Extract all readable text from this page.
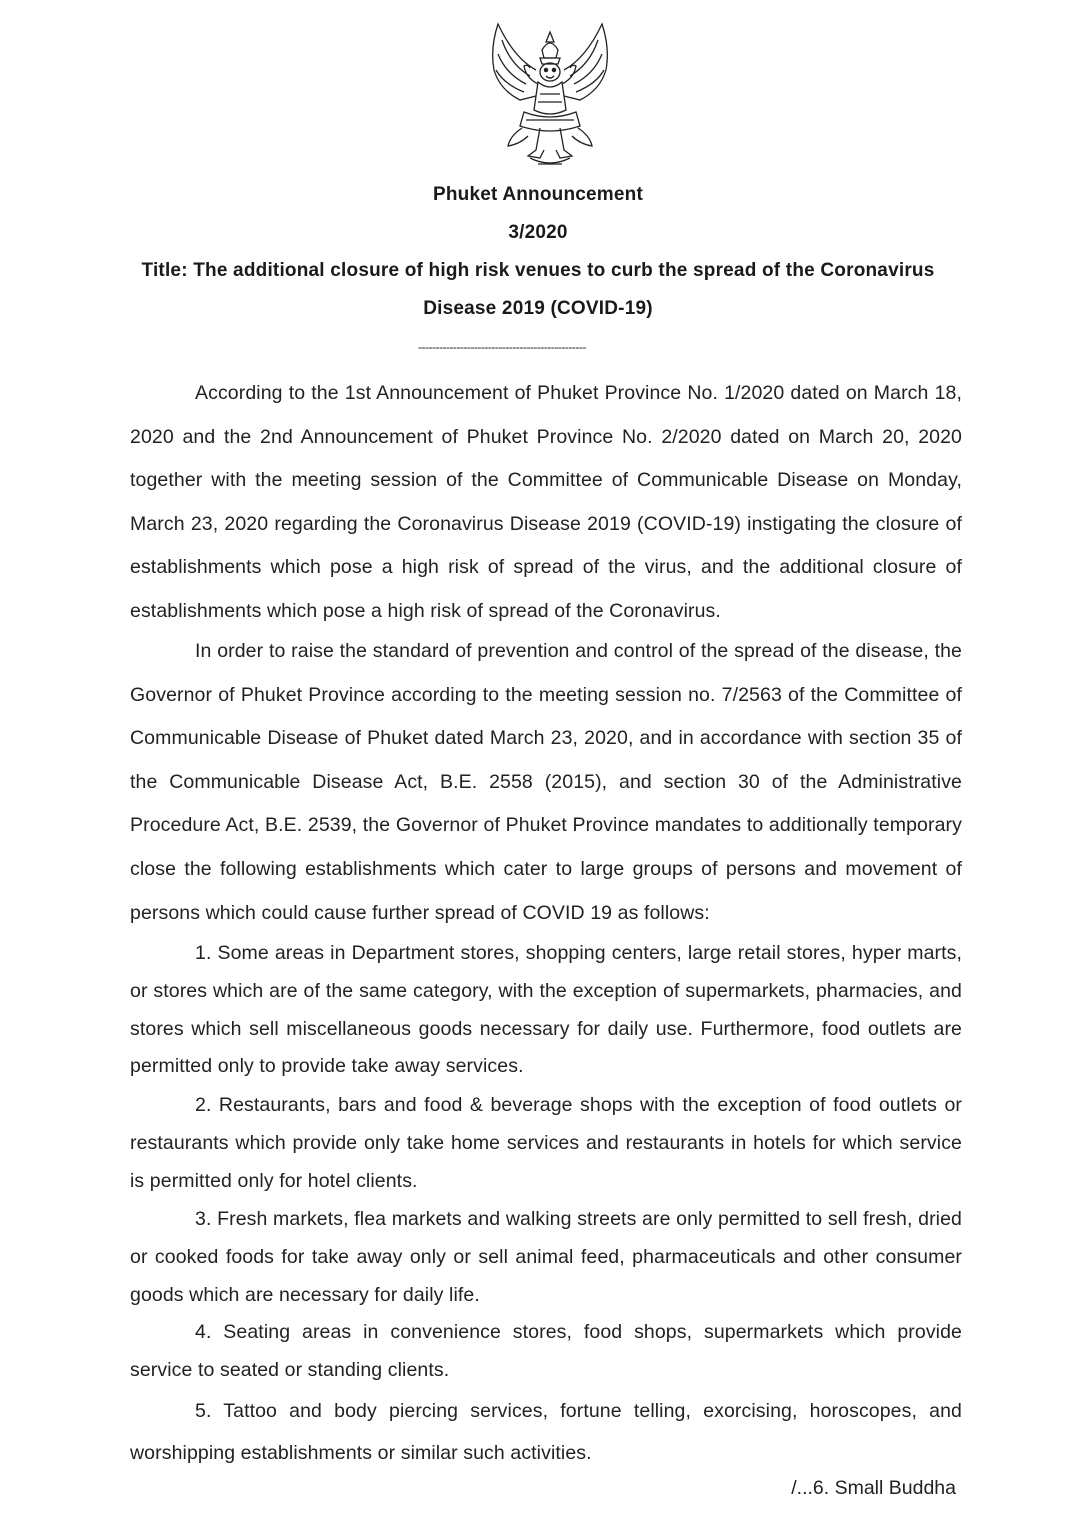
Phuket Announcement
3/2020
Title: The additional closure of high risk venues to curb the spread of the Coronavirus
Disease 2019 (COVID-19)
------------------------------------------------

According to the 1st Announcement of Phuket Province No. 1/2020 dated on March 18, 2020 and the 2nd Announcement of Phuket Province No. 2/2020 dated on March 20, 2020 together with the meeting session of the Committee of Communicable Disease on Monday, March 23, 2020 regarding the Coronavirus Disease 2019 (COVID-19) instigating the closure of establishments which pose a high risk of spread of the virus, and the additional closure of establishments which pose a high risk of spread of the Coronavirus.

In order to raise the standard of prevention and control of the spread of the disease, the Governor of Phuket Province according to the meeting session no. 7/2563 of the Committee of Communicable Disease of Phuket dated March 23, 2020, and in accordance with section 35 of the Communicable Disease Act, B.E. 2558 (2015), and section 30 of the Administrative Procedure Act, B.E. 2539, the Governor of Phuket Province mandates to additionally temporary close the following establishments which cater to large groups of persons and movement of persons which could cause further spread of COVID 19 as follows:

1. Some areas in Department stores, shopping centers, large retail stores, hyper marts, or stores which are of the same category, with the exception of supermarkets, pharmacies, and stores which sell miscellaneous goods necessary for daily use. Furthermore, food outlets are permitted only to provide take away services.

2. Restaurants, bars and food & beverage shops with the exception of food outlets or restaurants which provide only take home services and restaurants in hotels for which service is permitted only for hotel clients.

3. Fresh markets, flea markets and walking streets are only permitted to sell fresh, dried or cooked foods for take away only or sell animal feed, pharmaceuticals and other consumer goods which are necessary for daily life.

4. Seating areas in convenience stores, food shops, supermarkets which provide service to seated or standing clients.

5. Tattoo and body piercing services, fortune telling, exorcising, horoscopes, and worshipping establishments or similar such activities.

/...6. Small Buddha
